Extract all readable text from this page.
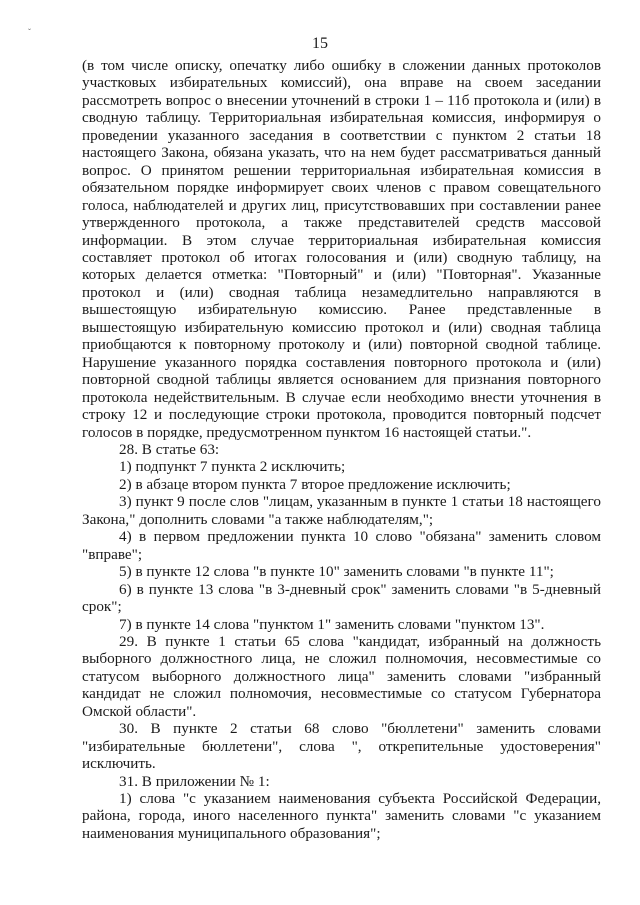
ˇ
15

(в том числе описку, опечатку либо ошибку в сложении данных протоколов участковых избирательных комиссий), она вправе на своем заседании рассмотреть вопрос о внесении уточнений в строки 1 – 11б протокола и (или) в сводную таблицу. Территориальная избирательная комиссия, информируя о проведении указанного заседания в соответствии с пунктом 2 статьи 18 настоящего Закона, обязана указать, что на нем будет рассматриваться данный вопрос. О принятом решении территориальная избирательная комиссия в обязательном порядке информирует своих членов с правом совещательного голоса, наблюдателей и других лиц, присутствовавших при составлении ранее утвержденного протокола, а также представителей средств массовой информации. В этом случае территориальная избирательная комиссия составляет протокол об итогах голосования и (или) сводную таблицу, на которых делается отметка: "Повторный" и (или) "Повторная". Указанные протокол и (или) сводная таблица незамедлительно направляются в вышестоящую избирательную комиссию. Ранее представленные в вышестоящую избирательную комиссию протокол и (или) сводная таблица приобщаются к повторному протоколу и (или) повторной сводной таблице. Нарушение указанного порядка составления повторного протокола и (или) повторной сводной таблицы является основанием для признания повторного протокола недействительным. В случае если необходимо внести уточнения в строку 12 и последующие строки протокола, проводится повторный подсчет голосов в порядке, предусмотренном пунктом 16 настоящей статьи.".

28. В статье 63:

1) подпункт 7 пункта 2 исключить;

2) в абзаце втором пункта 7 второе предложение исключить;

3) пункт 9 после слов "лицам, указанным в пункте 1 статьи 18 настоящего Закона," дополнить словами "а также наблюдателям,";

4) в первом предложении пункта 10 слово "обязана" заменить словом "вправе";

5) в пункте 12 слова "в пункте 10" заменить словами "в пункте 11";

6) в пункте 13 слова "в 3-дневный срок" заменить словами "в 5-дневный срок";

7) в пункте 14 слова "пунктом 1" заменить словами "пунктом 13".

29. В пункте 1 статьи 65 слова "кандидат, избранный на должность выборного должностного лица, не сложил полномочия, несовместимые со статусом выборного должностного лица" заменить словами "избранный кандидат не сложил полномочия, несовместимые со статусом Губернатора Омской области".

30. В пункте 2 статьи 68 слово "бюллетени" заменить словами "избирательные бюллетени", слова ", открепительные удостоверения" исключить.

31. В приложении № 1:

1) слова "с указанием наименования субъекта Российской Федерации, района, города, иного населенного пункта" заменить словами "с указанием наименования муниципального образования";
